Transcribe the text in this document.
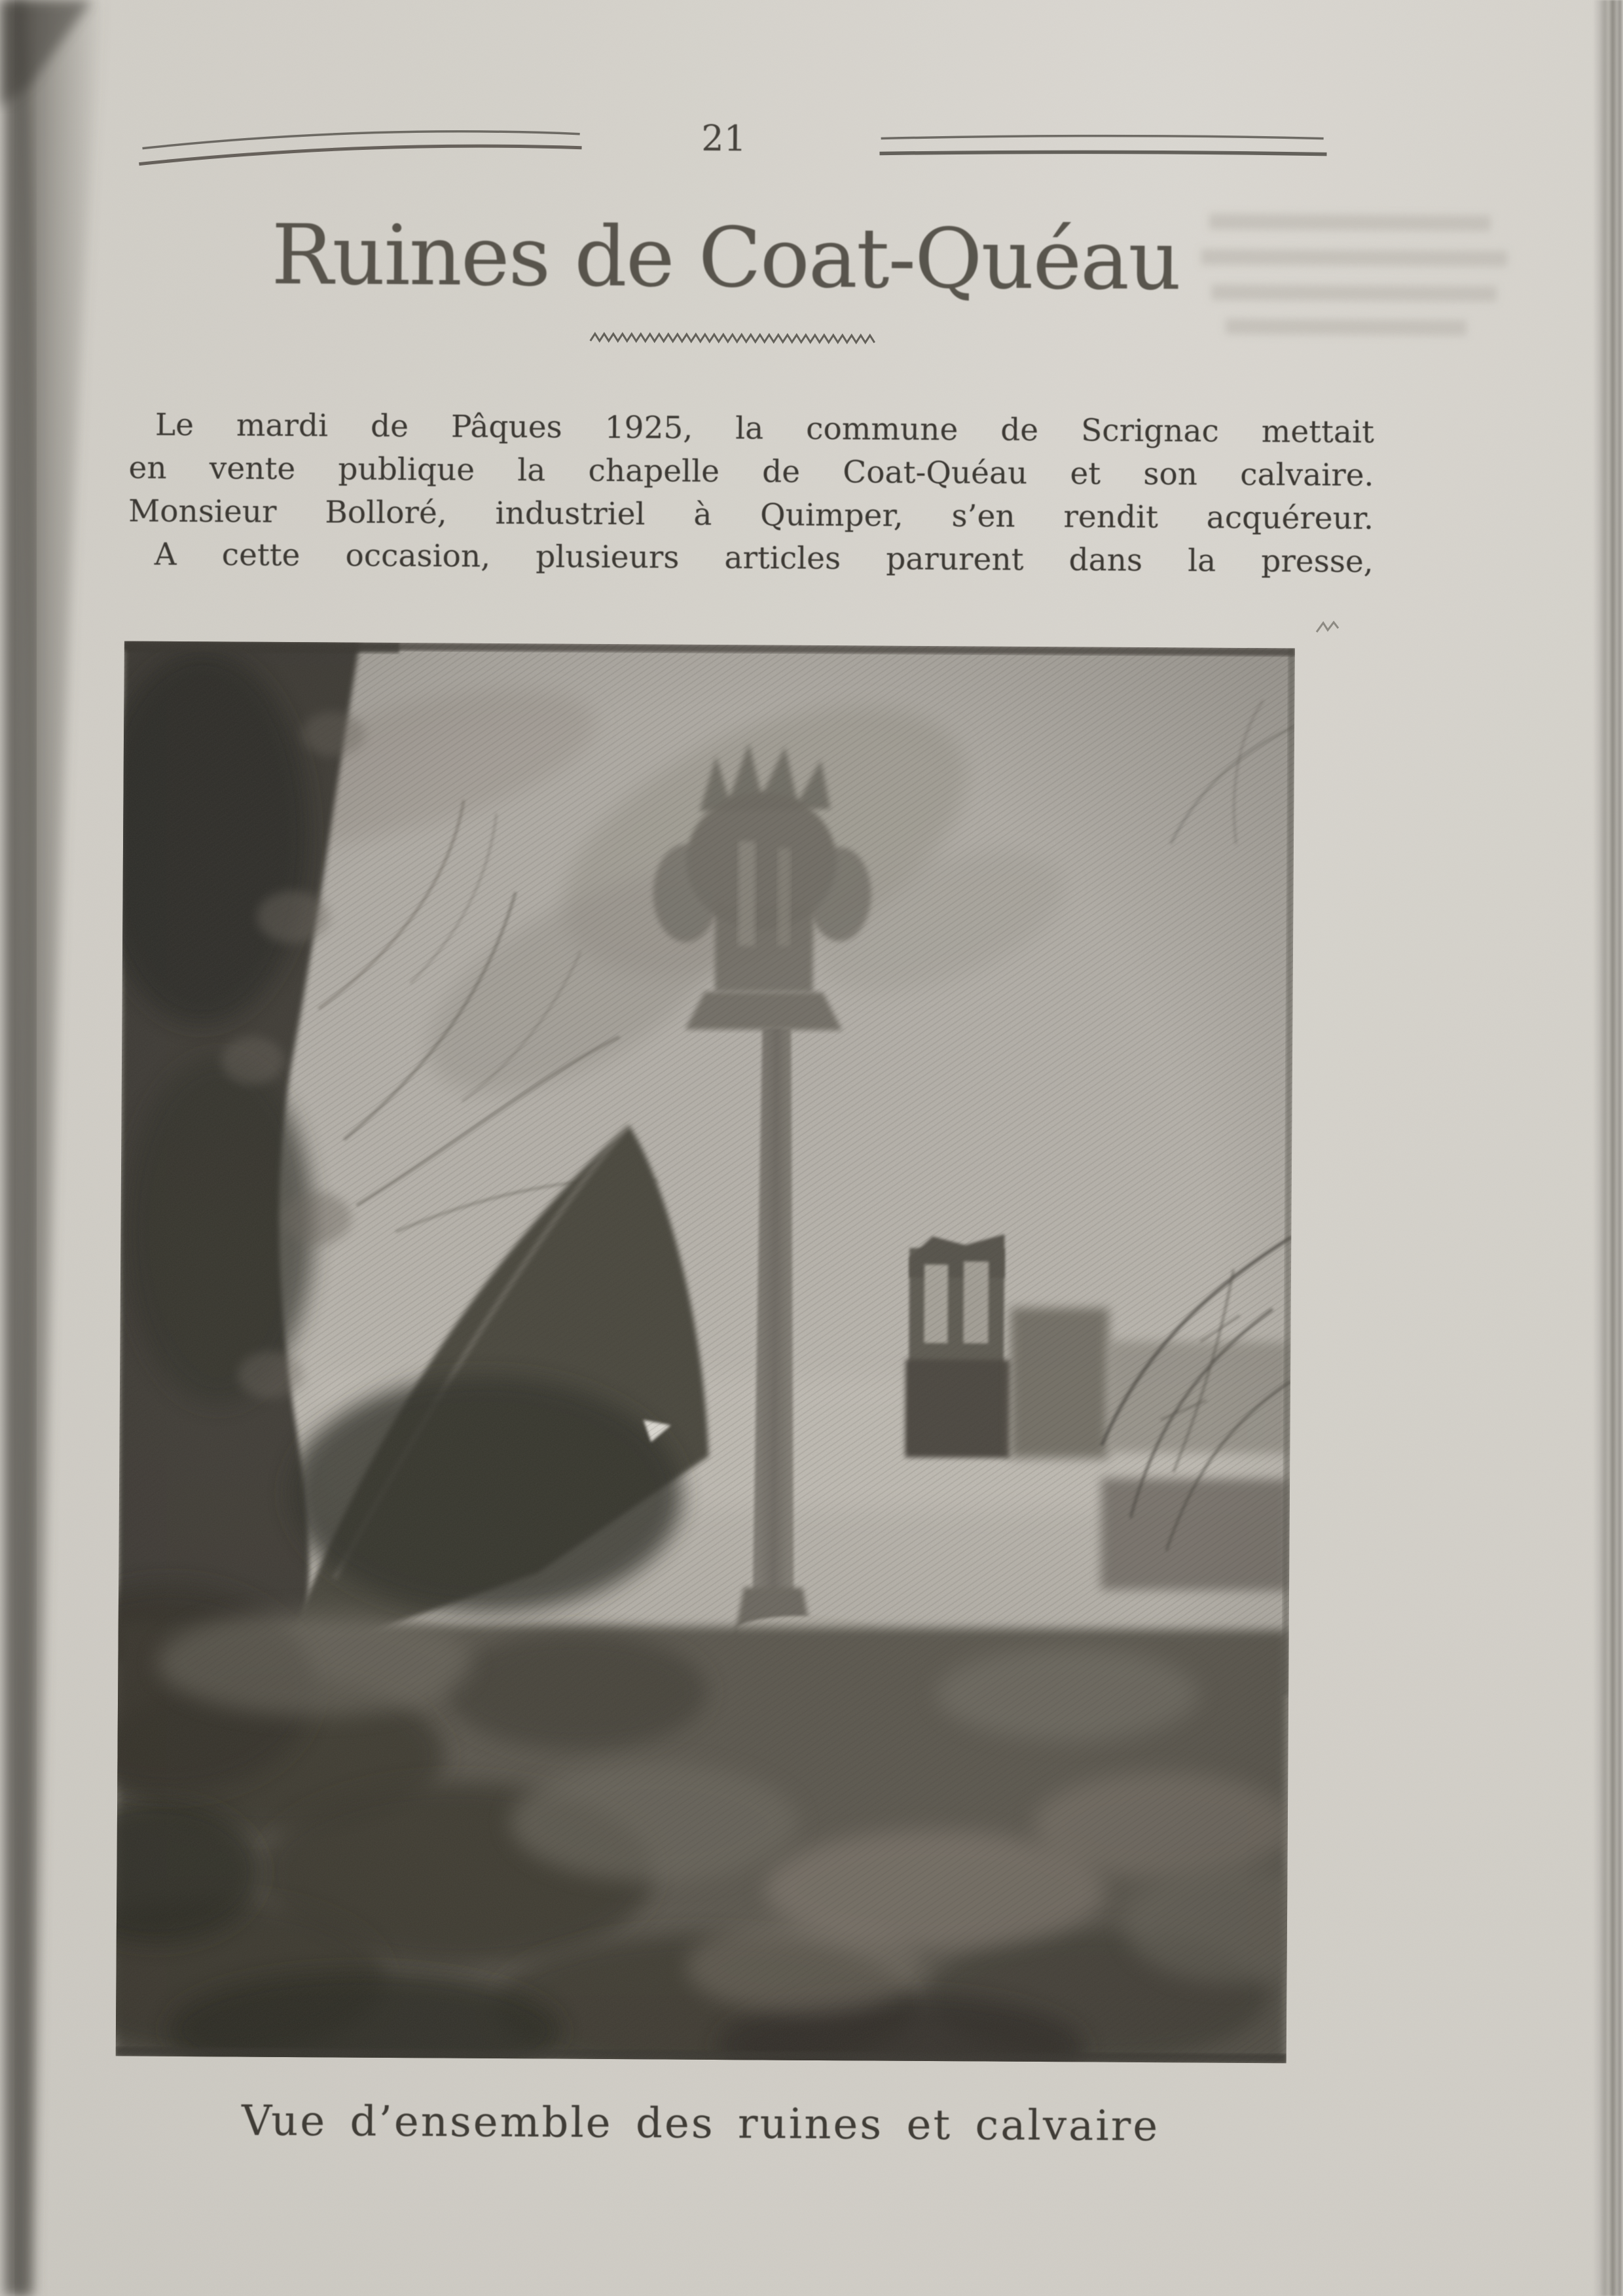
21
Ruines de Coat-Quéau
Le mardi de Pâques 1925, la commune de Scrignac mettait
en vente publique la chapelle de Coat-Quéau et son calvaire.
Monsieur Bolloré, industriel à Quimper, s’en rendit acquéreur.
A cette occasion, plusieurs articles parurent dans la presse,
Vue d’ensemble des ruines et calvaire
